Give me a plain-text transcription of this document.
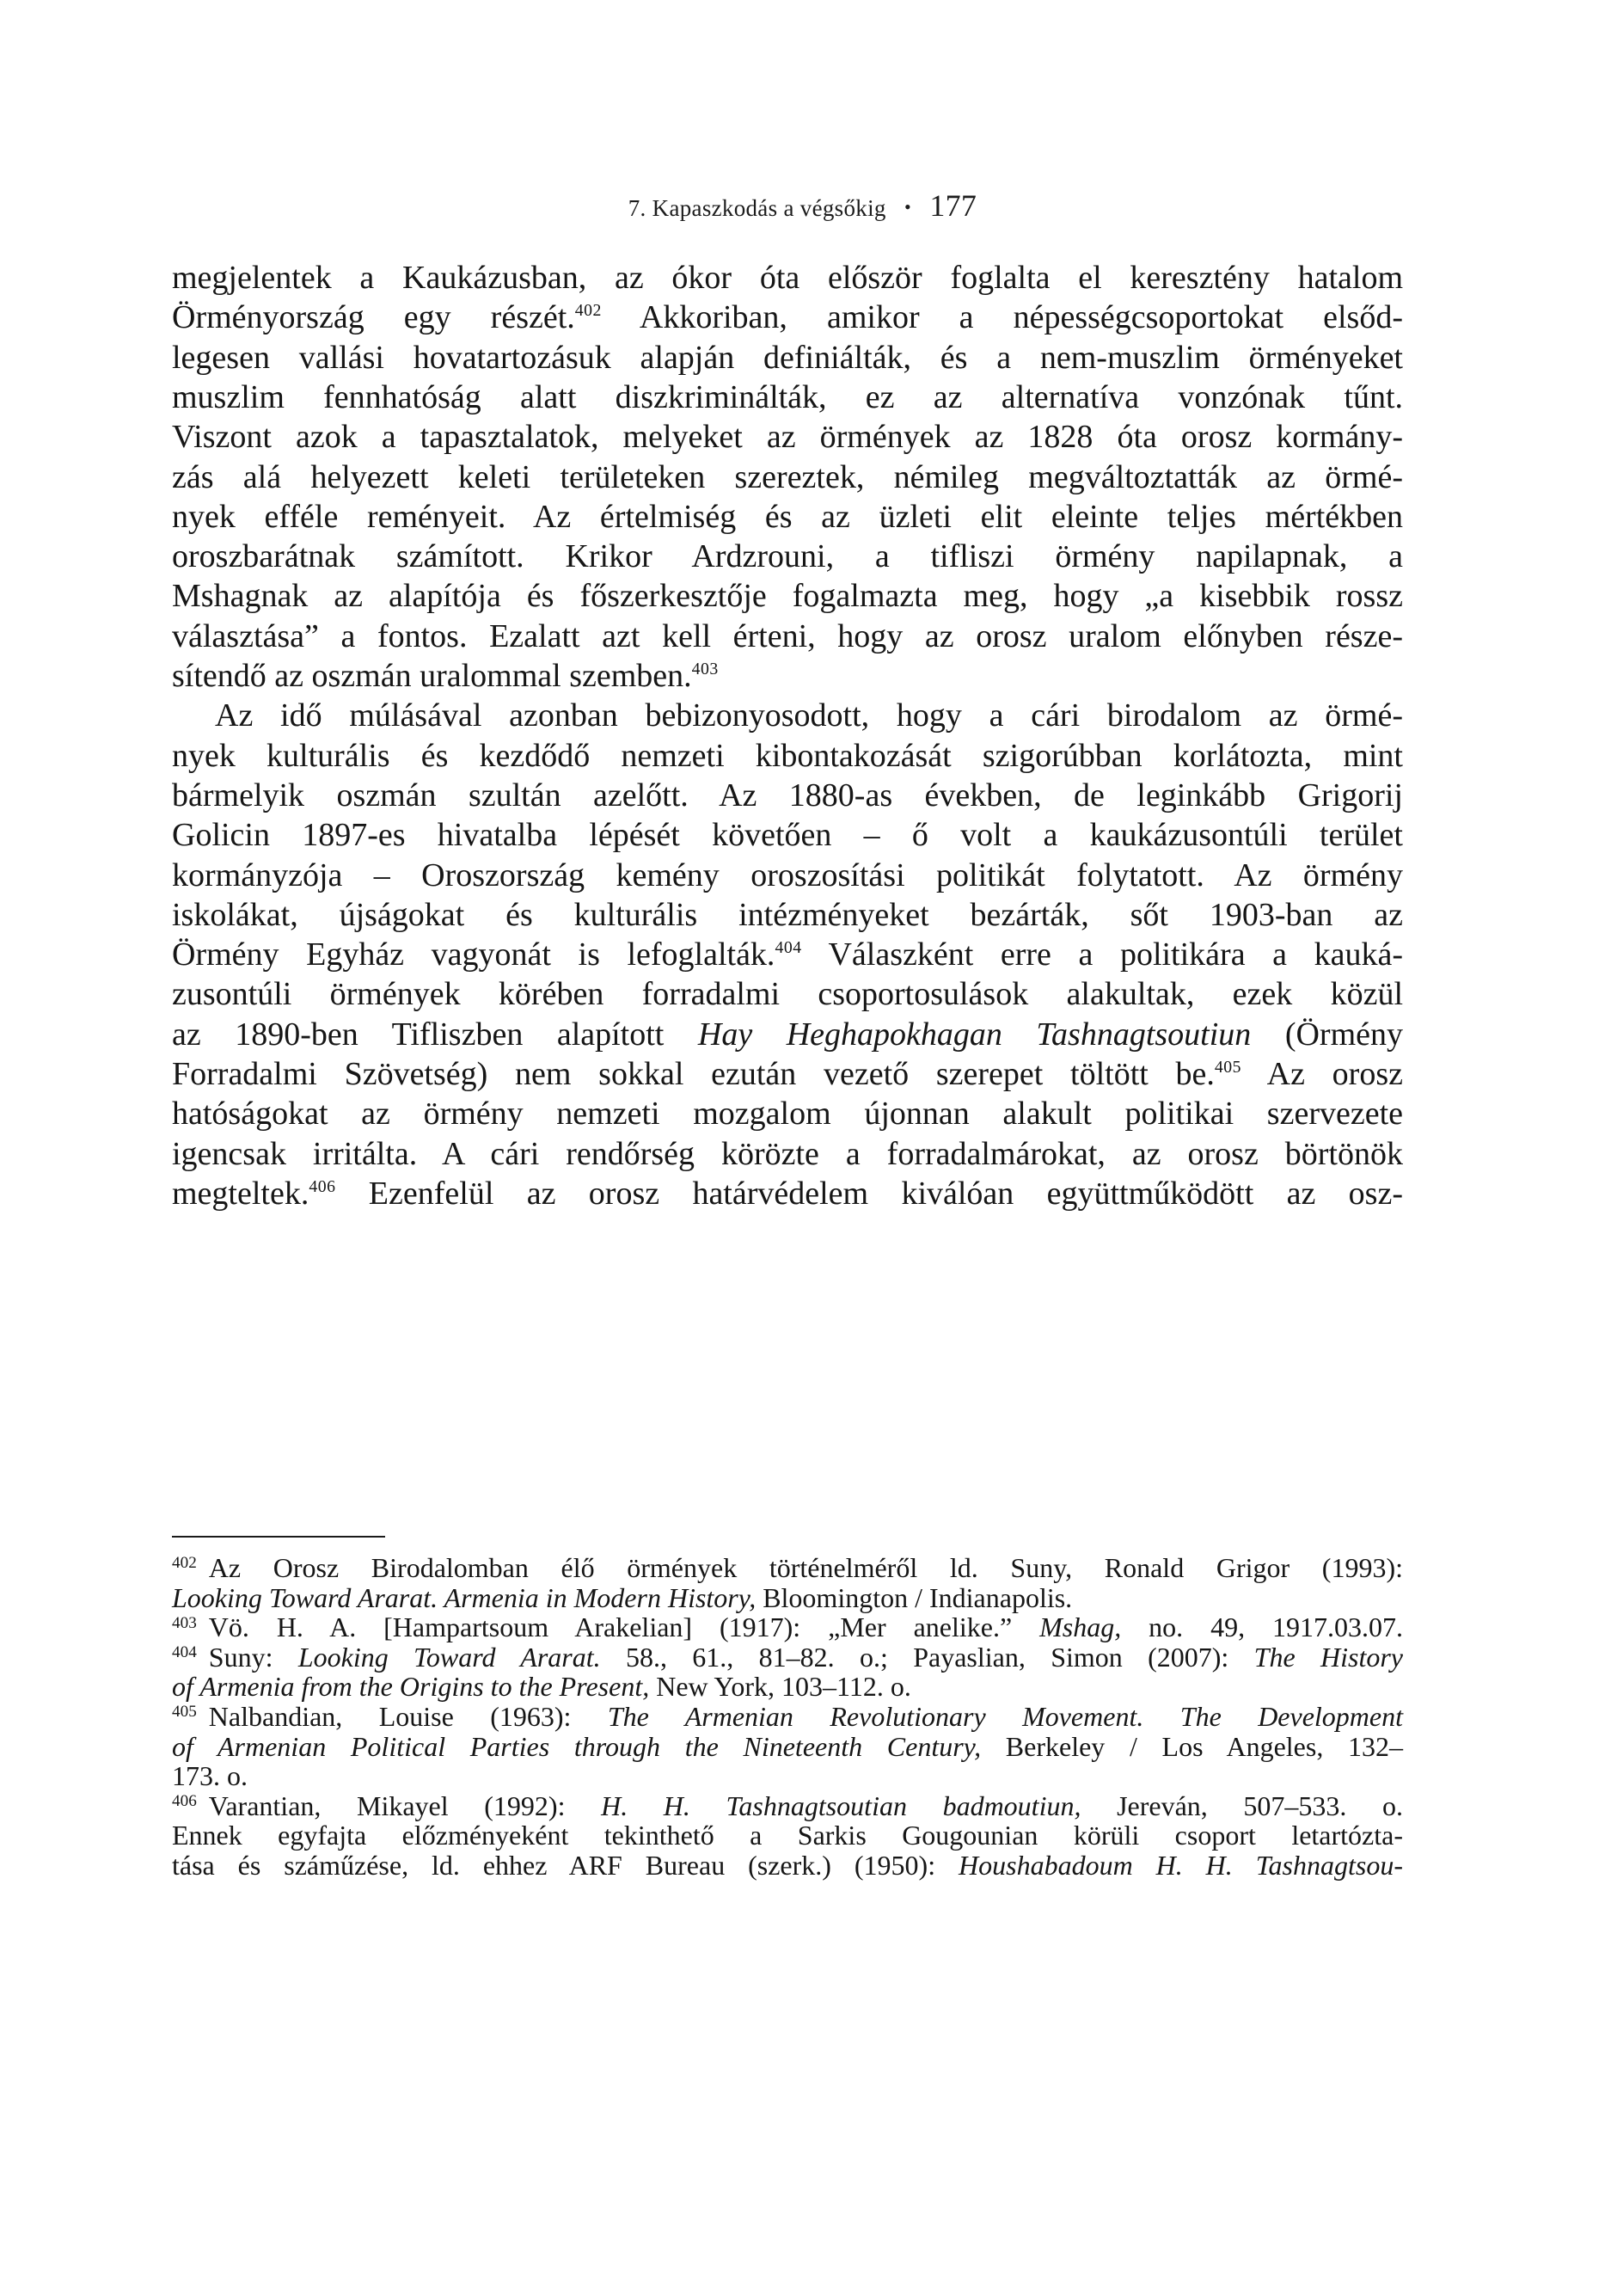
7. Kapaszkodás a végsőkig • 177
megjelentek a Kaukázusban, az ókor óta először foglalta el keresztény hatalom
Örményország egy részét.$^{402}$ Akkoriban, amikor a népességcsoportokat elsőd-
legesen vallási hovatartozásuk alapján definiálták, és a nem-muszlim örményeket
muszlim fennhatóság alatt diszkriminálták, ez az alternatíva vonzónak tűnt.
Viszont azok a tapasztalatok, melyeket az örmények az 1828 óta orosz kormány-
zás alá helyezett keleti területeken szereztek, némileg megváltoztatták az örmé-
nyek efféle reményeit. Az értelmiség és az üzleti elit eleinte teljes mértékben
oroszbarátnak számított. Krikor Ardzrouni, a tifliszi örmény napilapnak, a
Mshagnak az alapítója és főszerkesztője fogalmazta meg, hogy „a kisebbik rossz
választása” a fontos. Ezalatt azt kell érteni, hogy az orosz uralom előnyben része-
sítendő az oszmán uralommal szemben.$^{403}$
Az idő múlásával azonban bebizonyosodott, hogy a cári birodalom az örmé-
nyek kulturális és kezdődő nemzeti kibontakozását szigorúbban korlátozta, mint
bármelyik oszmán szultán azelőtt. Az 1880-as években, de leginkább Grigorij
Golicin 1897-es hivatalba lépését követően – ő volt a kaukázusontúli terület
kormányzója – Oroszország kemény oroszosítási politikát folytatott. Az örmény
iskolákat, újságokat és kulturális intézményeket bezárták, sőt 1903-ban az
Örmény Egyház vagyonát is lefoglalták.$^{404}$ Válaszként erre a politikára a kauká-
zusontúli örmények körében forradalmi csoportosulások alakultak, ezek közül
az 1890-ben Tifliszben alapított Hay Heghapokhagan Tashnagtsoutiun (Örmény
Forradalmi Szövetség) nem sokkal ezután vezető szerepet töltött be.$^{405}$ Az orosz
hatóságokat az örmény nemzeti mozgalom újonnan alakult politikai szervezete
igencsak irritálta. A cári rendőrség körözte a forradalmárokat, az orosz börtönök
megteltek.$^{406}$ Ezenfelül az orosz határvédelem kiválóan együttműködött az osz-
$^{402}$ Az Orosz Birodalomban élő örmények történelméről ld. Suny, Ronald Grigor (1993):
Looking Toward Ararat. Armenia in Modern History, Bloomington / Indianapolis.
$^{403}$ Vö. H. A. [Hampartsoum Arakelian] (1917): „Mer anelike.” Mshag, no. 49, 1917.03.07.
$^{404}$ Suny: Looking Toward Ararat. 58., 61., 81–82. o.; Payaslian, Simon (2007): The History
of Armenia from the Origins to the Present, New York, 103–112. o.
$^{405}$ Nalbandian, Louise (1963): The Armenian Revolutionary Movement. The Development
of Armenian Political Parties through the Nineteenth Century, Berkeley / Los Angeles, 132–
173. o.
$^{406}$ Varantian, Mikayel (1992): H. H. Tashnagtsoutian badmoutiun, Jereván, 507–533. o.
Ennek egyfajta előzményeként tekinthető a Sarkis Gougounian körüli csoport letartózta-
tása és száműzése, ld. ehhez ARF Bureau (szerk.) (1950): Houshabadoum H. H. Tashnagtsou-
